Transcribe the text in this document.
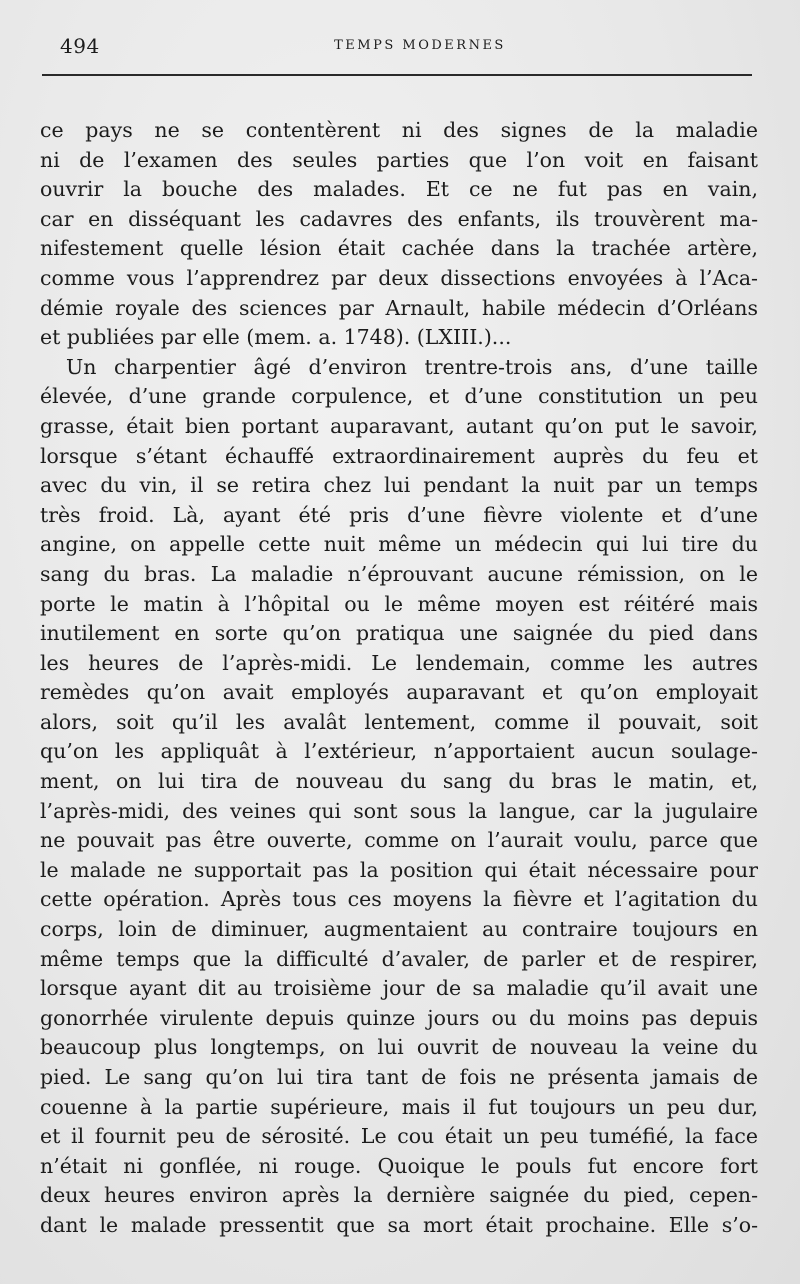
494	TEMPS MODERNES
ce pays ne se contentèrent ni des signes de la maladie
ni de l’examen des seules parties que l’on voit en faisant
ouvrir la bouche des malades. Et ce ne fut pas en vain,
car en disséquant les cadavres des enfants, ils trouvèrent ma-
nifestement quelle lésion était cachée dans la trachée artère,
comme vous l’apprendrez par deux dissections envoyées à l’Aca-
démie royale des sciences par Arnault, habile médecin d’Orléans
et publiées par elle (mem. a. 1748). (LXIII.)...
Un charpentier âgé d’environ trentre-trois ans, d’une taille
élevée, d’une grande corpulence, et d’une constitution un peu
grasse, était bien portant auparavant, autant qu’on put le savoir,
lorsque s’étant échauffé extraordinairement auprès du feu et
avec du vin, il se retira chez lui pendant la nuit par un temps
très froid. Là, ayant été pris d’une fièvre violente et d’une
angine, on appelle cette nuit même un médecin qui lui tire du
sang du bras. La maladie n’éprouvant aucune rémission, on le
porte le matin à l’hôpital ou le même moyen est réitéré mais
inutilement en sorte qu’on pratiqua une saignée du pied dans
les heures de l’après-midi. Le lendemain, comme les autres
remèdes qu’on avait employés auparavant et qu’on employait
alors, soit qu’il les avalât lentement, comme il pouvait, soit
qu’on les appliquât à l’extérieur, n’apportaient aucun soulage-
ment, on lui tira de nouveau du sang du bras le matin, et,
l’après-midi, des veines qui sont sous la langue, car la jugulaire
ne pouvait pas être ouverte, comme on l’aurait voulu, parce que
le malade ne supportait pas la position qui était nécessaire pour
cette opération. Après tous ces moyens la fièvre et l’agitation du
corps, loin de diminuer, augmentaient au contraire toujours en
même temps que la difficulté d’avaler, de parler et de respirer,
lorsque ayant dit au troisième jour de sa maladie qu’il avait une
gonorrhée virulente depuis quinze jours ou du moins pas depuis
beaucoup plus longtemps, on lui ouvrit de nouveau la veine du
pied. Le sang qu’on lui tira tant de fois ne présenta jamais de
couenne à la partie supérieure, mais il fut toujours un peu dur,
et il fournit peu de sérosité. Le cou était un peu tuméfié, la face
n’était ni gonflée, ni rouge. Quoique le pouls fut encore fort
deux heures environ après la dernière saignée du pied, cepen-
dant le malade pressentit que sa mort était prochaine. Elle s’o-
